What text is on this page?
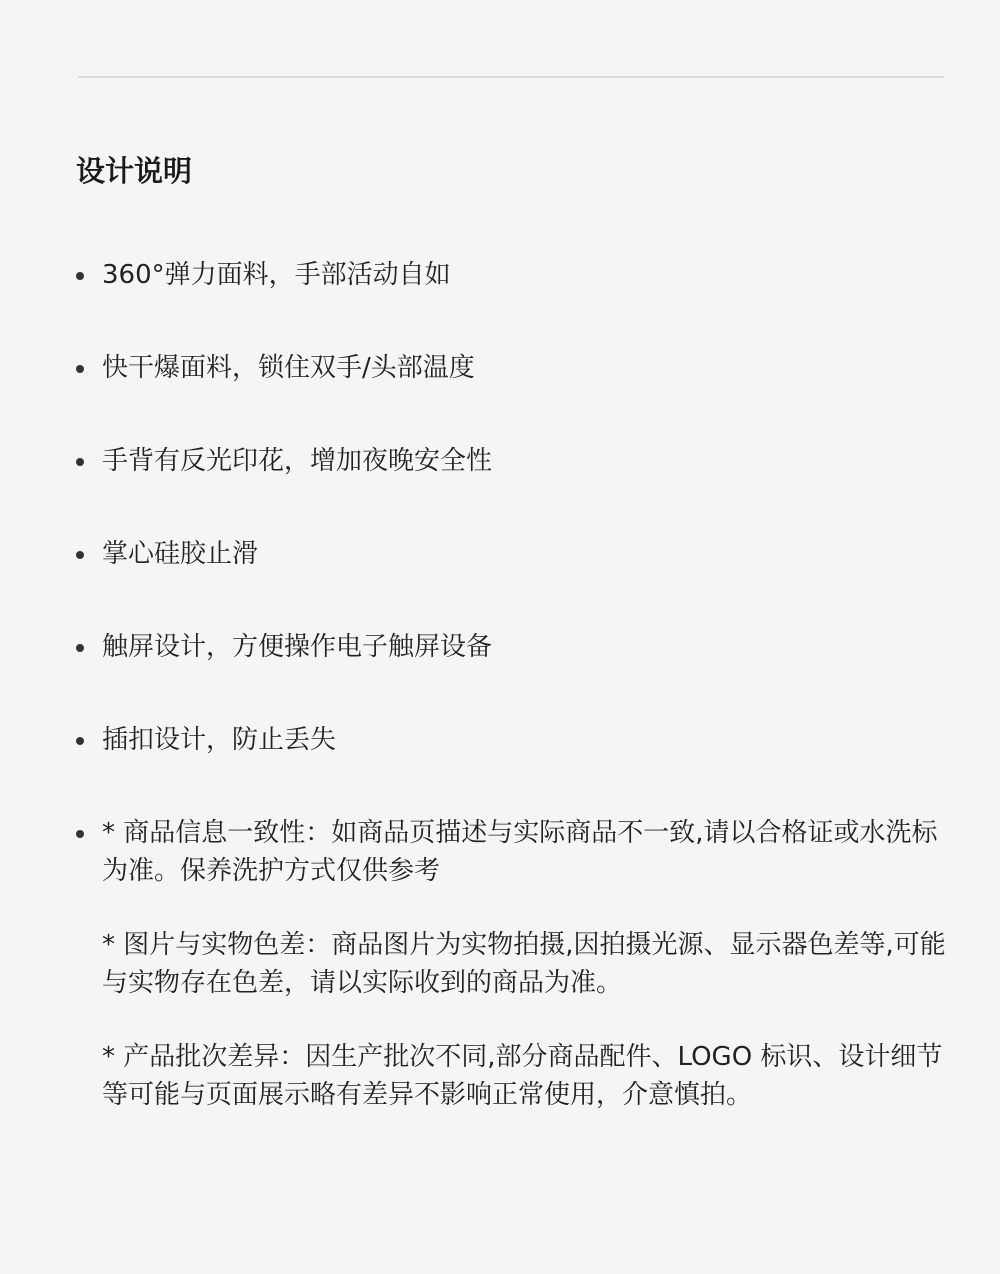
设计说明
360°弹力面料，手部活动自如
快干爆面料，锁住双手/头部温度
手背有反光印花，增加夜晚安全性
掌心硅胶止滑
触屏设计，方便操作电子触屏设备
插扣设计，防止丢失
* 商品信息一致性：如商品页描述与实际商品不一致,请以合格证或水洗标为准。保养洗护方式仅供参考
* 图片与实物色差：商品图片为实物拍摄,因拍摄光源、显示器色差等,可能与实物存在色差，请以实际收到的商品为准。
* 产品批次差异：因生产批次不同,部分商品配件、LOGO 标识、设计细节等可能与页面展示略有差异不影响正常使用，介意慎拍。
